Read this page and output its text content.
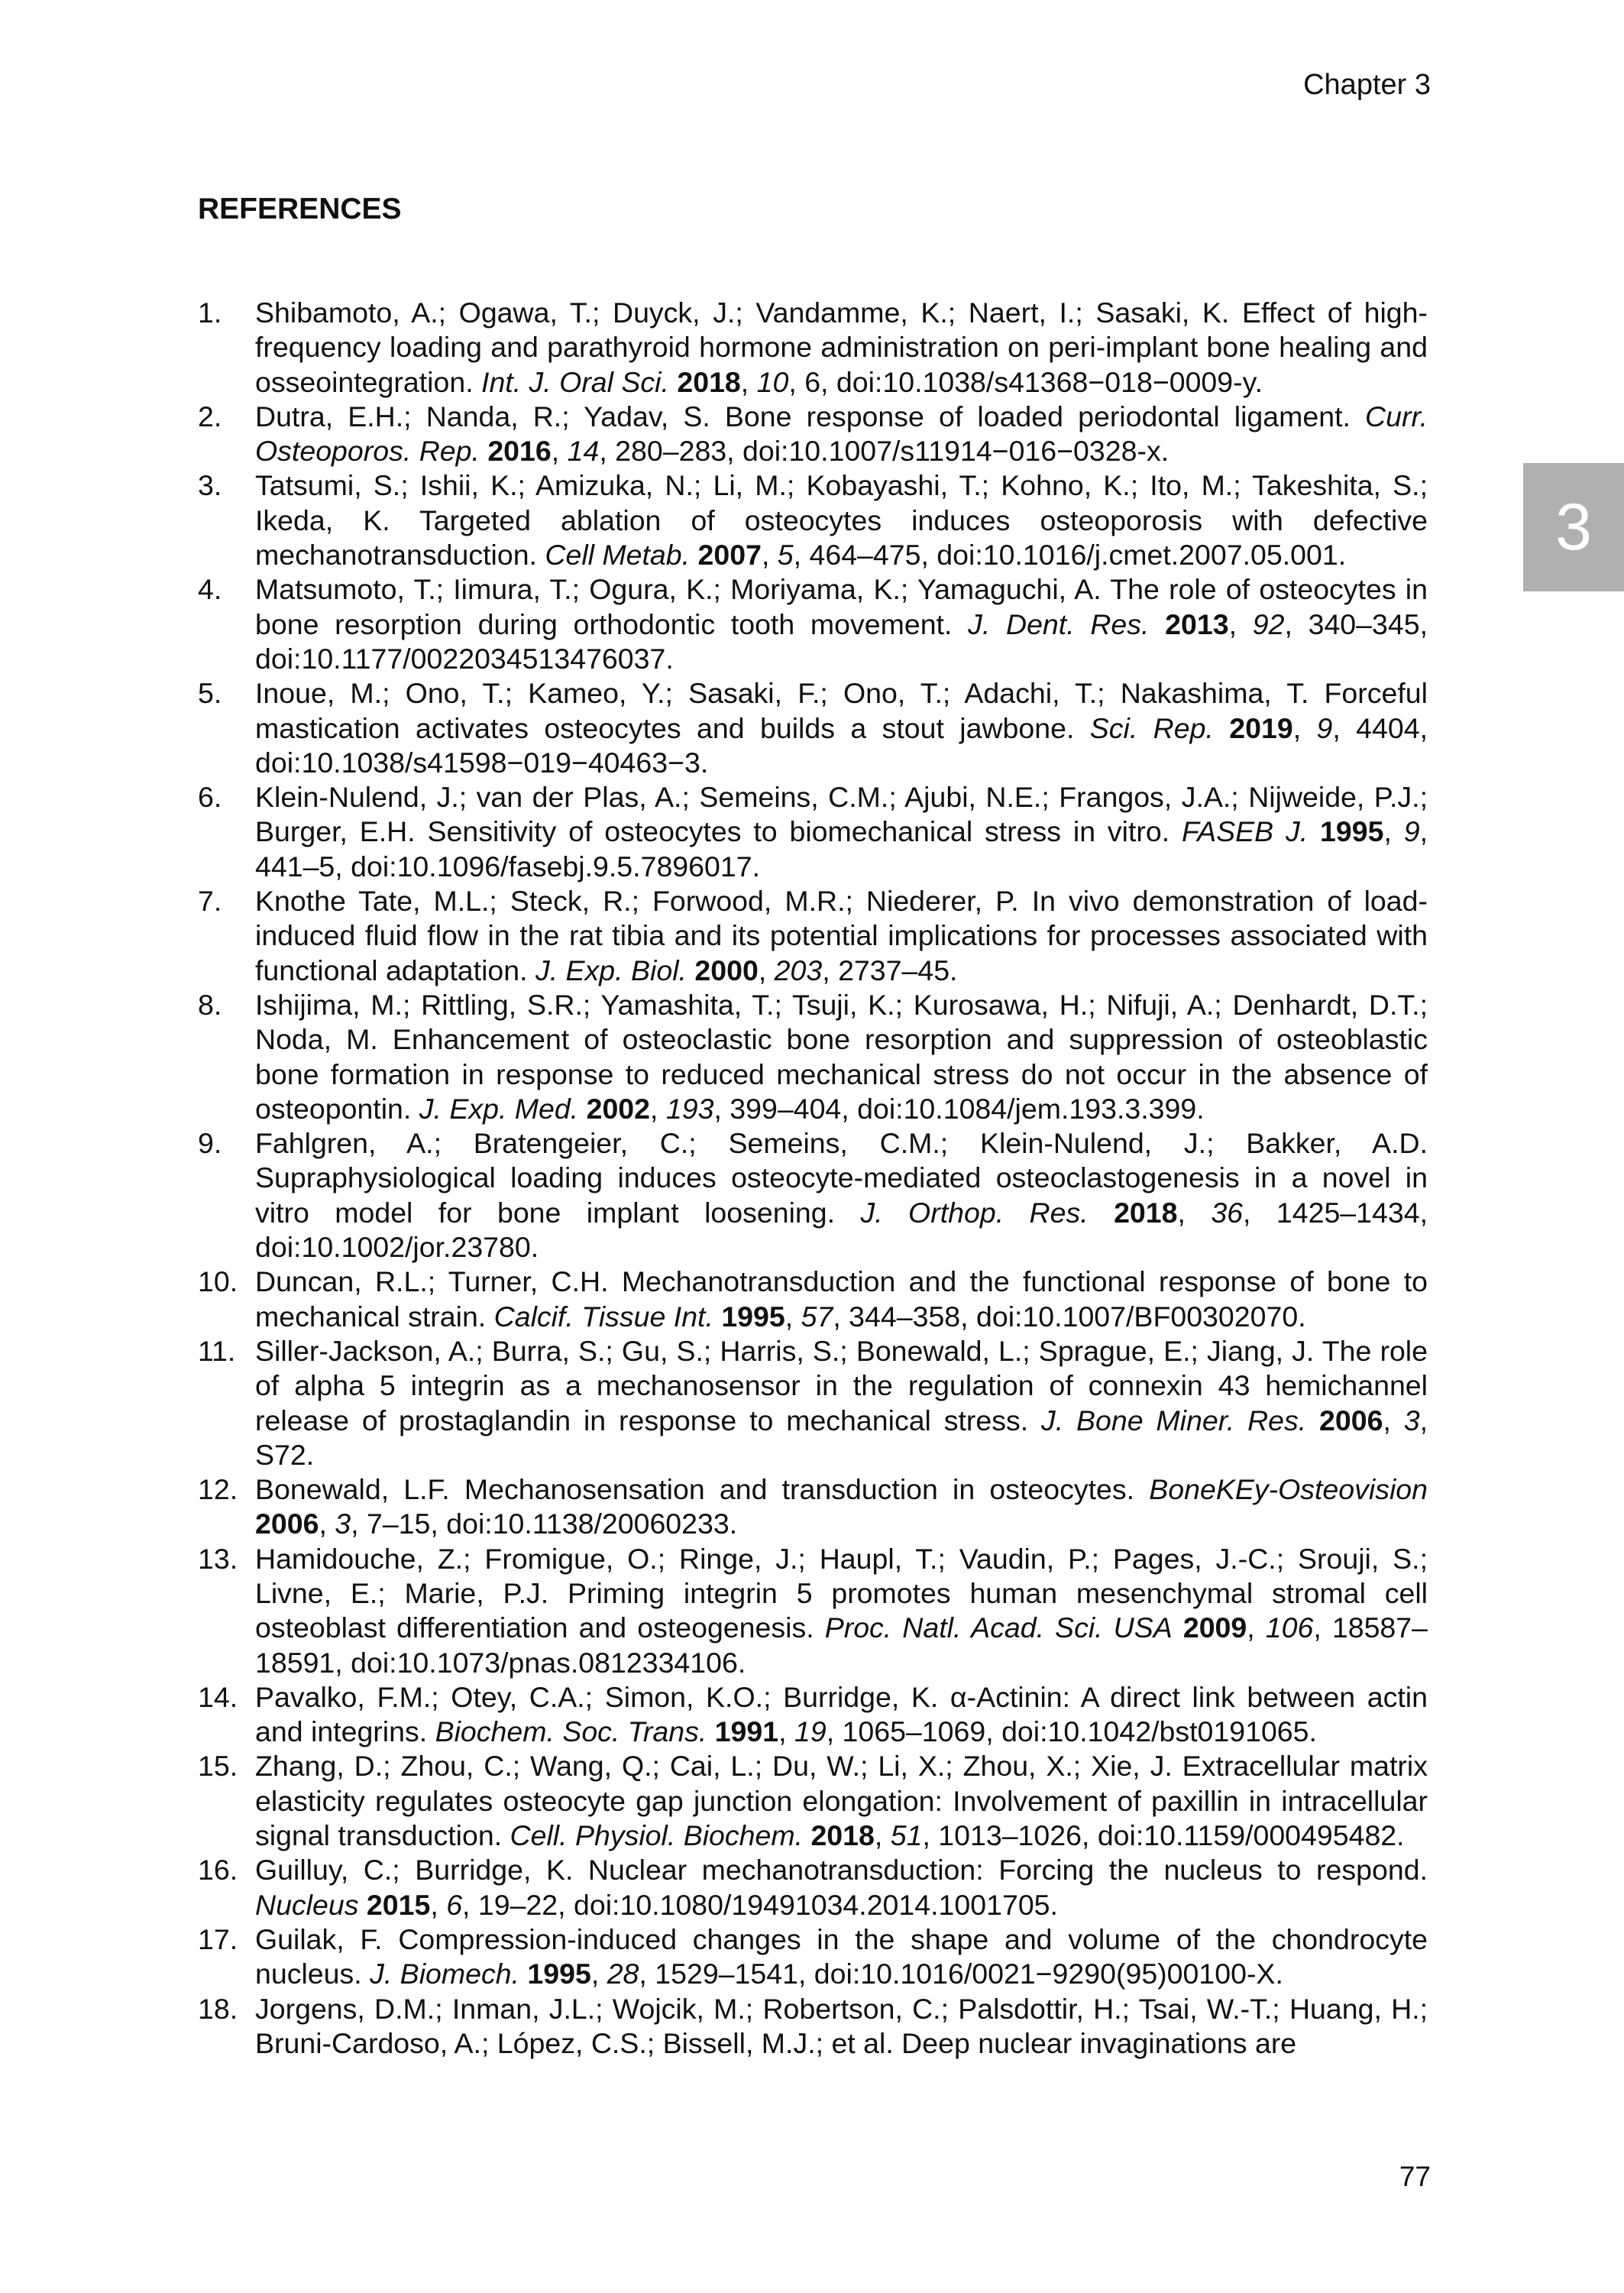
Chapter 3
3
REFERENCES
1. Shibamoto, A.; Ogawa, T.; Duyck, J.; Vandamme, K.; Naert, I.; Sasaki, K. Effect of high-frequency loading and parathyroid hormone administration on peri-implant bone healing and osseointegration. Int. J. Oral Sci. 2018, 10, 6, doi:10.1038/s41368−018−0009-y.
2. Dutra, E.H.; Nanda, R.; Yadav, S. Bone response of loaded periodontal ligament. Curr. Osteoporos. Rep. 2016, 14, 280–283, doi:10.1007/s11914−016−0328-x.
3. Tatsumi, S.; Ishii, K.; Amizuka, N.; Li, M.; Kobayashi, T.; Kohno, K.; Ito, M.; Takeshita, S.; Ikeda, K. Targeted ablation of osteocytes induces osteoporosis with defective mechanotransduction. Cell Metab. 2007, 5, 464–475, doi:10.1016/j.cmet.2007.05.001.
4. Matsumoto, T.; Iimura, T.; Ogura, K.; Moriyama, K.; Yamaguchi, A. The role of osteocytes in bone resorption during orthodontic tooth movement. J. Dent. Res. 2013, 92, 340–345, doi:10.1177/0022034513476037.
5. Inoue, M.; Ono, T.; Kameo, Y.; Sasaki, F.; Ono, T.; Adachi, T.; Nakashima, T. Forceful mastication activates osteocytes and builds a stout jawbone. Sci. Rep. 2019, 9, 4404, doi:10.1038/s41598−019−40463−3.
6. Klein-Nulend, J.; van der Plas, A.; Semeins, C.M.; Ajubi, N.E.; Frangos, J.A.; Nijweide, P.J.; Burger, E.H. Sensitivity of osteocytes to biomechanical stress in vitro. FASEB J. 1995, 9, 441–5, doi:10.1096/fasebj.9.5.7896017.
7. Knothe Tate, M.L.; Steck, R.; Forwood, M.R.; Niederer, P. In vivo demonstration of load-induced fluid flow in the rat tibia and its potential implications for processes associated with functional adaptation. J. Exp. Biol. 2000, 203, 2737–45.
8. Ishijima, M.; Rittling, S.R.; Yamashita, T.; Tsuji, K.; Kurosawa, H.; Nifuji, A.; Denhardt, D.T.; Noda, M. Enhancement of osteoclastic bone resorption and suppression of osteoblastic bone formation in response to reduced mechanical stress do not occur in the absence of osteopontin. J. Exp. Med. 2002, 193, 399–404, doi:10.1084/jem.193.3.399.
9. Fahlgren, A.; Bratengeier, C.; Semeins, C.M.; Klein-Nulend, J.; Bakker, A.D. Supraphysiological loading induces osteocyte-mediated osteoclastogenesis in a novel in vitro model for bone implant loosening. J. Orthop. Res. 2018, 36, 1425–1434, doi:10.1002/jor.23780.
10. Duncan, R.L.; Turner, C.H. Mechanotransduction and the functional response of bone to mechanical strain. Calcif. Tissue Int. 1995, 57, 344–358, doi:10.1007/BF00302070.
11. Siller-Jackson, A.; Burra, S.; Gu, S.; Harris, S.; Bonewald, L.; Sprague, E.; Jiang, J. The role of alpha 5 integrin as a mechanosensor in the regulation of connexin 43 hemichannel release of prostaglandin in response to mechanical stress. J. Bone Miner. Res. 2006, 3, S72.
12. Bonewald, L.F. Mechanosensation and transduction in osteocytes. BoneKEy-Osteovision 2006, 3, 7–15, doi:10.1138/20060233.
13. Hamidouche, Z.; Fromigue, O.; Ringe, J.; Haupl, T.; Vaudin, P.; Pages, J.-C.; Srouji, S.; Livne, E.; Marie, P.J. Priming integrin 5 promotes human mesenchymal stromal cell osteoblast differentiation and osteogenesis. Proc. Natl. Acad. Sci. USA 2009, 106, 18587–18591, doi:10.1073/pnas.0812334106.
14. Pavalko, F.M.; Otey, C.A.; Simon, K.O.; Burridge, K. α-Actinin: A direct link between actin and integrins. Biochem. Soc. Trans. 1991, 19, 1065–1069, doi:10.1042/bst0191065.
15. Zhang, D.; Zhou, C.; Wang, Q.; Cai, L.; Du, W.; Li, X.; Zhou, X.; Xie, J. Extracellular matrix elasticity regulates osteocyte gap junction elongation: Involvement of paxillin in intracellular signal transduction. Cell. Physiol. Biochem. 2018, 51, 1013–1026, doi:10.1159/000495482.
16. Guilluy, C.; Burridge, K. Nuclear mechanotransduction: Forcing the nucleus to respond. Nucleus 2015, 6, 19–22, doi:10.1080/19491034.2014.1001705.
17. Guilak, F. Compression-induced changes in the shape and volume of the chondrocyte nucleus. J. Biomech. 1995, 28, 1529–1541, doi:10.1016/0021−9290(95)00100-X.
18. Jorgens, D.M.; Inman, J.L.; Wojcik, M.; Robertson, C.; Palsdottir, H.; Tsai, W.-T.; Huang, H.; Bruni-Cardoso, A.; López, C.S.; Bissell, M.J.; et al. Deep nuclear invaginations are
77
